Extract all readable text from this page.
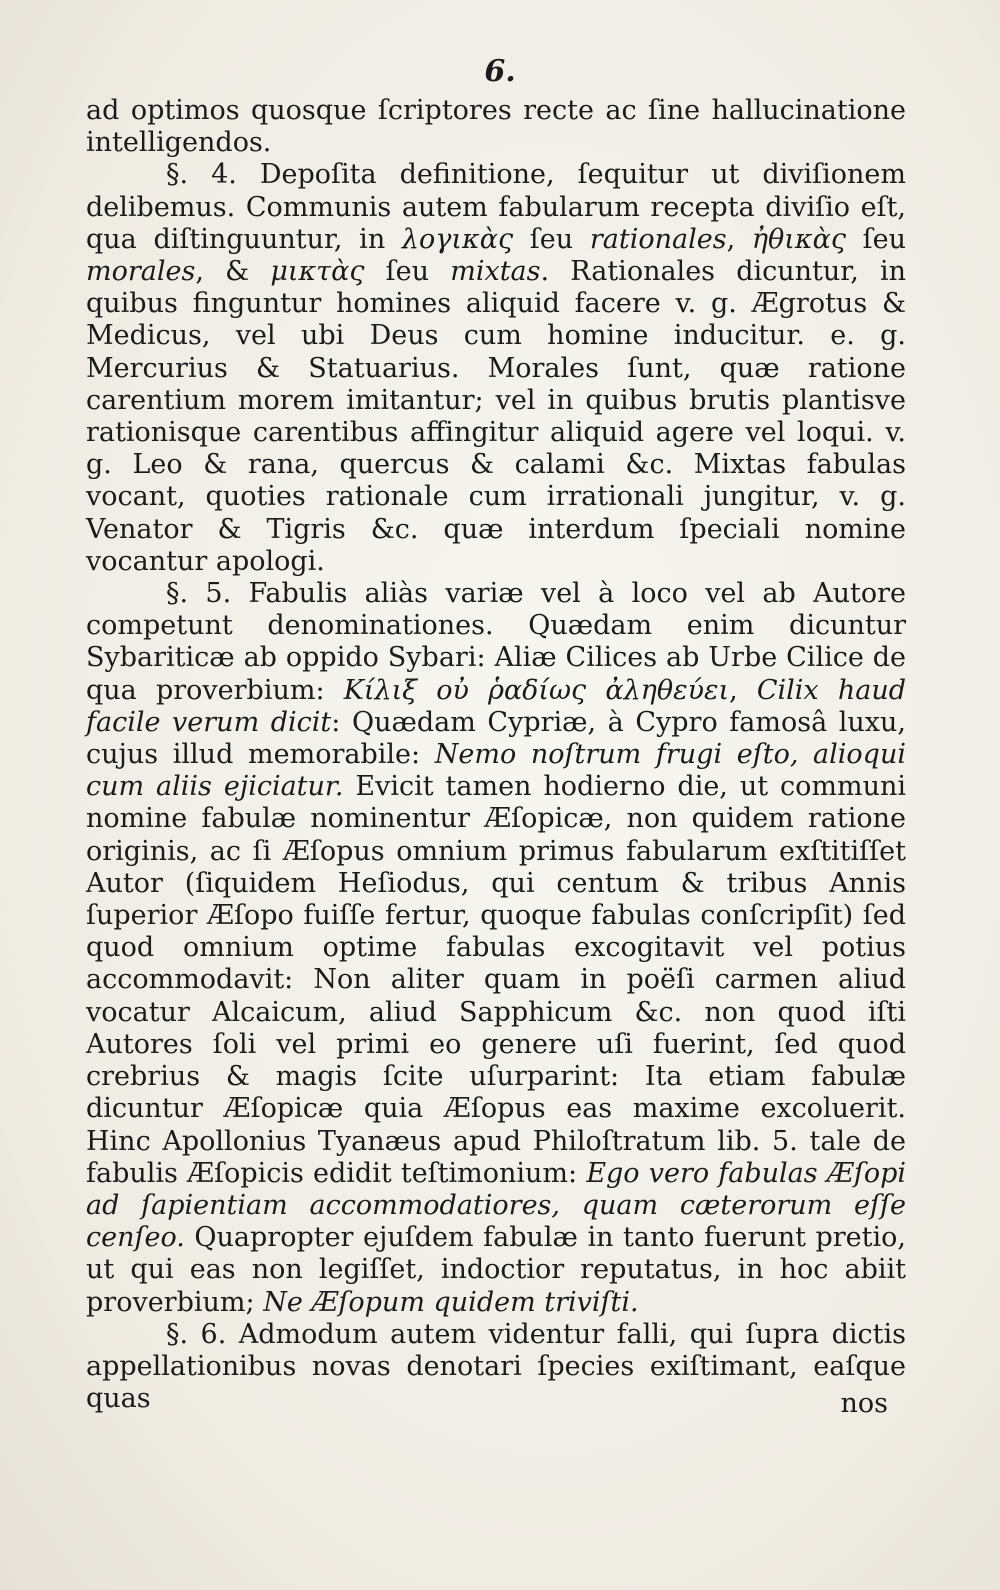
6.

ad optimos quosque ſcriptores recte ac ſine hallucinatione intelligendos.

§. 4. Depoſita definitione, ſequitur ut diviſionem delibemus. Communis autem fabularum recepta diviſio eſt, qua diſtinguuntur, in λογικὰς ſeu rationales, ἠθικὰς ſeu morales, & μικτὰς ſeu mixtas. Rationales dicuntur, in quibus finguntur homines aliquid facere v. g. Ægrotus & Medicus, vel ubi Deus cum homine inducitur. e. g. Mercurius & Statuarius. Morales ſunt, quæ ratione carentium morem imitantur; vel in quibus brutis plantisve rationisque carentibus affingitur aliquid agere vel loqui. v. g. Leo & rana, quercus & calami &c. Mixtas fabulas vocant, quoties rationale cum irrationali jungitur, v. g. Venator & Tigris &c. quæ interdum ſpeciali nomine vocantur apologi.

§. 5. Fabulis aliàs variæ vel à loco vel ab Autore competunt denominationes. Quædam enim dicuntur Sybariticæ ab oppido Sybari: Aliæ Cilices ab Urbe Cilice de qua proverbium: Κίλιξ οὐ ῥαδίως ἀληθεύει, Cilix haud facile verum dicit: Quædam Cypriæ, à Cypro famosâ luxu, cujus illud memorabile: Nemo noſtrum frugi eſto, alioqui cum aliis ejiciatur. Evicit tamen hodierno die, ut communi nomine fabulæ nominentur Æſopicæ, non quidem ratione originis, ac ſi Æſopus omnium primus fabularum exſtitiſſet Autor (ſiquidem Heſiodus, qui centum & tribus Annis ſuperior Æſopo fuiſſe fertur, quoque fabulas conſcripſit) ſed quod omnium optime fabulas excogitavit vel potius accommodavit: Non aliter quam in poëſi carmen aliud vocatur Alcaicum, aliud Sapphicum &c. non quod iſti Autores ſoli vel primi eo genere uſi fuerint, ſed quod crebrius & magis ſcite uſurparint: Ita etiam fabulæ dicuntur Æſopicæ quia Æſopus eas maxime excoluerit. Hinc Apollonius Tyanæus apud Philoſtratum lib. 5. tale de fabulis Æſopicis edidit teſtimonium: Ego vero fabulas Æſopi ad ſapientiam accommodatiores, quam cæterorum eſſe cenſeo. Quapropter ejuſdem fabulæ in tanto fuerunt pretio, ut qui eas non legiſſet, indoctior reputatus, in hoc abiit proverbium; Ne Æſopum quidem triviſti.

§. 6. Admodum autem videntur falli, qui ſupra dictis appellationibus novas denotari ſpecies exiſtimant, eaſque quas	nos
